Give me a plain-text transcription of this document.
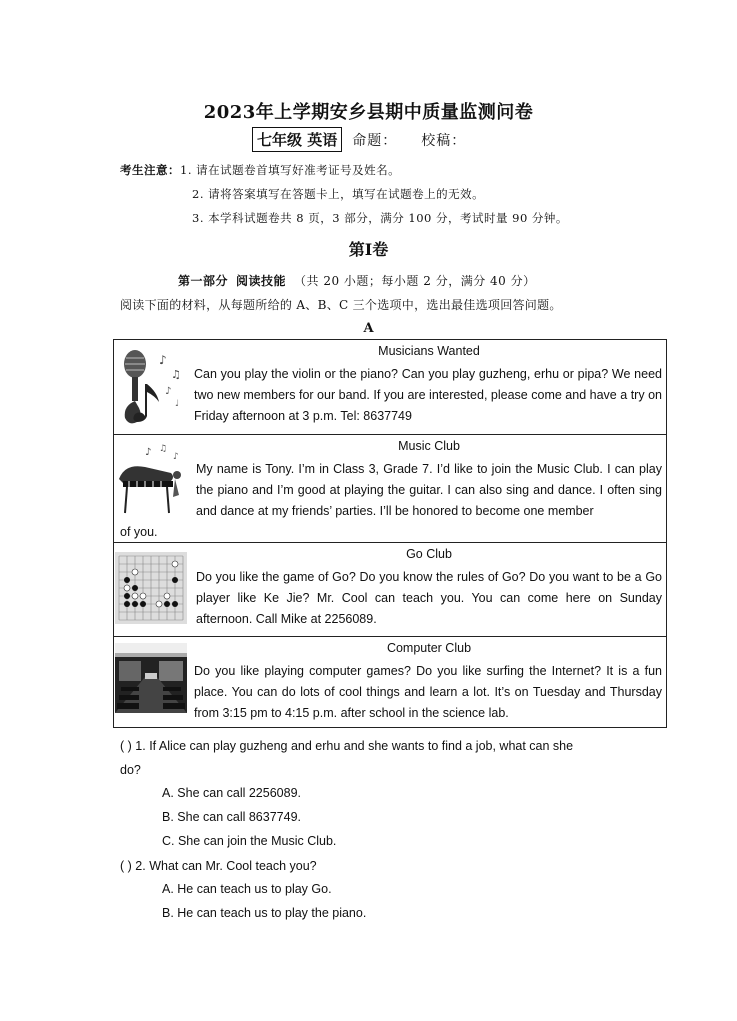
2023年上学期安乡县期中质量监测问卷
七年级 英语	命题： 校稿：
考生注意：1. 请在试题卷首填写好准考证号及姓名。
2. 请将答案填写在答题卡上，填写在试题卷上的无效。
3. 本学科试题卷共 8 页，3 部分，满分 100 分，考试时量 90 分钟。
第Ⅰ卷
第一部分 阅读技能 （共 20 小题；每小题 2 分，满分 40 分）
阅读下面的材料，从每题所给的 A、B、C 三个选项中，选出最佳选项回答问题。
A
♪
♫
♪
♩
Musicians Wanted
Can you play the violin or the piano? Can you play guzheng, erhu or pipa? We need two new members for our band. If you are interested, please come and have a try on Friday afternoon at 3 p.m. Tel: 8637749
♪ ♫
♪
Music Club
My name is Tony. I’m in Class 3, Grade 7. I’d like to join the Music Club. I can play the piano and I’m good at playing the guitar. I can also sing and dance. I often sing and dance at my friends’ parties. I’ll be honored to become one member
of you.
Go Club
Do you like the game of Go? Do you know the rules of Go? Do you want to be a Go player like Ke Jie? Mr. Cool can teach you. You can come here on Sunday afternoon. Call Mike at 2256089.
Computer Club
Do you like playing computer games? Do you like surfing the Internet? It is a fun place. You can do lots of cool things and learn a lot. It’s on Tuesday and Thursday from 3:15 pm to 4:15 p.m. after school in the science lab.
( ) 1. If Alice can play guzheng and erhu and she wants to find a job, what can she
do?
A. She can call 2256089.
B. She can call 8637749.
C. She can join the Music Club.
( ) 2. What can Mr. Cool teach you?
A. He can teach us to play Go.
B. He can teach us to play the piano.
